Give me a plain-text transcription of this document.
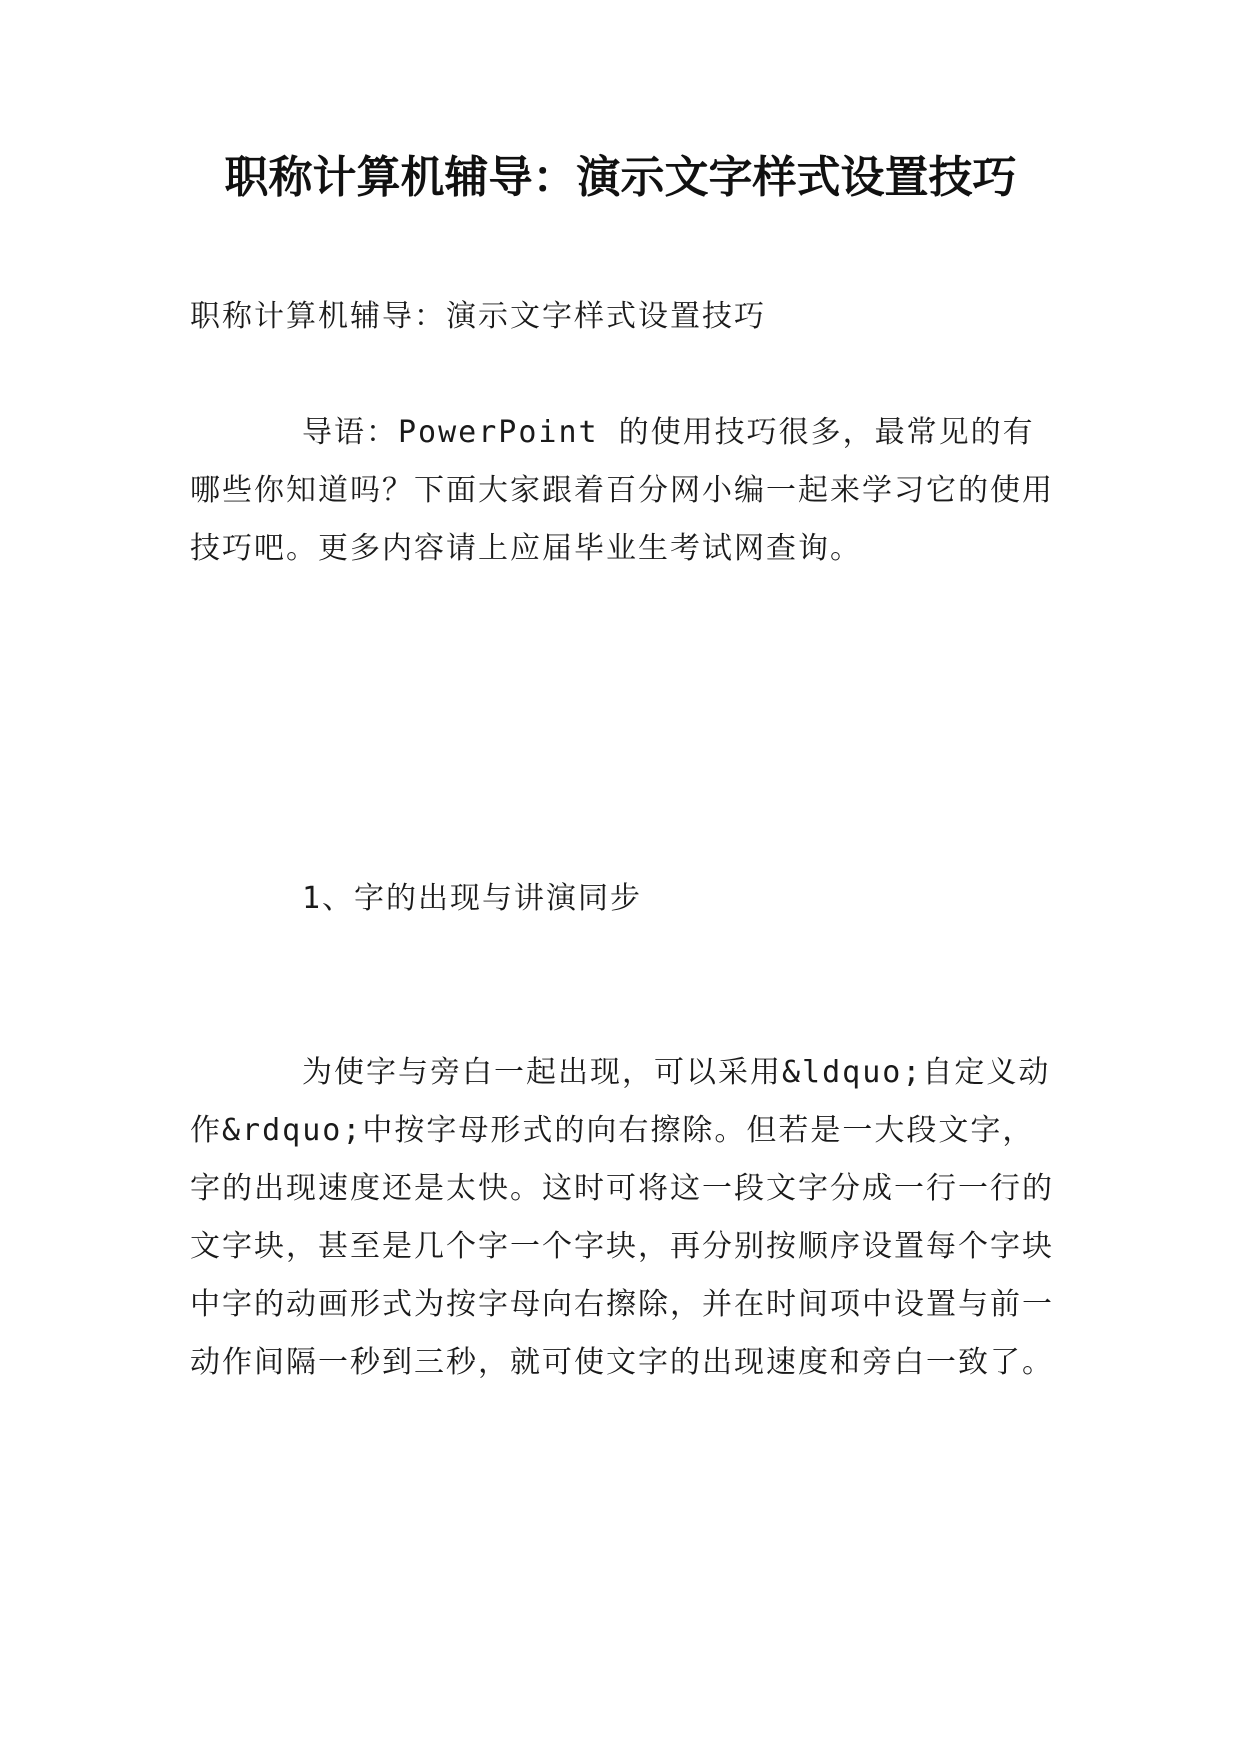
职称计算机辅导：演示文字样式设置技巧

职称计算机辅导：演示文字样式设置技巧

导语：PowerPoint 的使用技巧很多，最常见的有哪些你知道吗？下面大家跟着百分网小编一起来学习它的使用技巧吧。更多内容请上应届毕业生考试网查询。

1、字的出现与讲演同步

为使字与旁白一起出现，可以采用&ldquo;自定义动作&rdquo;中按字母形式的向右擦除。但若是一大段文字，字的出现速度还是太快。这时可将这一段文字分成一行一行的文字块，甚至是几个字一个字块，再分别按顺序设置每个字块中字的动画形式为按字母向右擦除，并在时间项中设置与前一动作间隔一秒到三秒，就可使文字的出现速度和旁白一致了。
